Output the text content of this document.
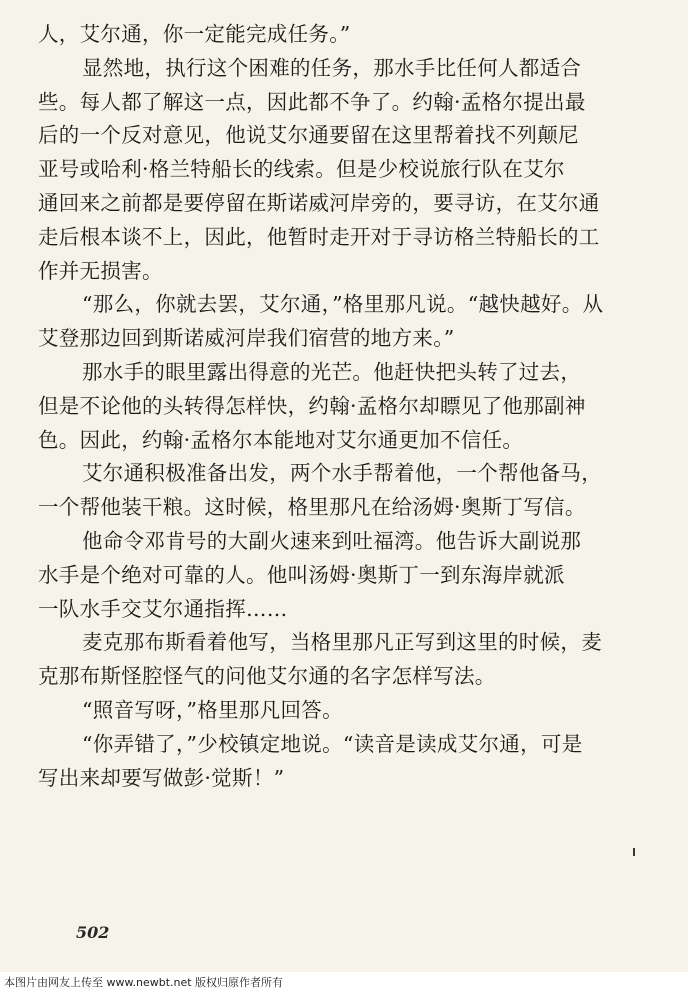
人，艾尔通，你一定能完成任务。”
显然地，执行这个困难的任务，那水手比任何人都适合
些。每人都了解这一点，因此都不争了。约翰·孟格尔提出最
后的一个反对意见，他说艾尔通要留在这里帮着找不列颠尼
亚号或哈利·格兰特船长的线索。但是少校说旅行队在艾尔
通回来之前都是要停留在斯诺威河岸旁的，要寻访，在艾尔通
走后根本谈不上，因此，他暂时走开对于寻访格兰特船长的工
作并无损害。
“那么，你就去罢，艾尔通，”格里那凡说。“越快越好。从
艾登那边回到斯诺威河岸我们宿营的地方来。”
那水手的眼里露出得意的光芒。他赶快把头转了过去，
但是不论他的头转得怎样快，约翰·孟格尔却瞟见了他那副神
色。因此，约翰·孟格尔本能地对艾尔通更加不信任。
艾尔通积极准备出发，两个水手帮着他，一个帮他备马，
一个帮他装干粮。这时候，格里那凡在给汤姆·奥斯丁写信。
他命令邓肯号的大副火速来到吐福湾。他告诉大副说那
水手是个绝对可靠的人。他叫汤姆·奥斯丁一到东海岸就派
一队水手交艾尔通指挥……
麦克那布斯看着他写，当格里那凡正写到这里的时候，麦
克那布斯怪腔怪气的问他艾尔通的名字怎样写法。
“照音写呀，”格里那凡回答。
“你弄错了，”少校镇定地说。“读音是读成艾尔通，可是
写出来却要写做彭·觉斯！”
502
本图片由网友上传至 www.newbt.net 版权归原作者所有
